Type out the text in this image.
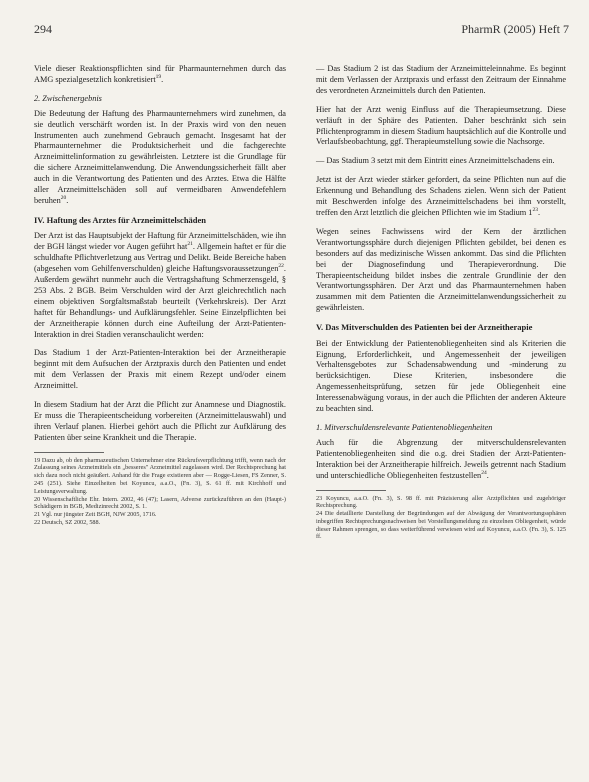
294	PharmR (2005) Heft 7

Viele dieser Reaktionspflichten sind für Pharmaunternehmen durch das AMG spezialgesetzlich konkretisiert$^{19}$.

2. Zwischenergebnis

Die Bedeutung der Haftung des Pharmaunternehmers wird zunehmen, da sie deutlich verschärft worden ist. In der Praxis wird von den neuen Instrumenten auch zunehmend Gebrauch gemacht. Insgesamt hat der Pharmaunternehmer die Produktsicherheit und die fachgerechte Arzneimittelinformation zu gewährleisten. Letztere ist die Grundlage für die sichere Arzneimittelanwendung. Die Anwendungssicherheit fällt aber auch in die Verantwortung des Patienten und des Arztes. Etwa die Hälfte aller Arzneimittelschäden soll auf vermeidbaren Anwendefehlern beruhen$^{20}$.

IV. Haftung des Arztes für Arzneimittelschäden

Der Arzt ist das Hauptsubjekt der Haftung für Arzneimittelschäden, wie ihn der BGH längst wieder vor Augen geführt hat$^{21}$. Allgemein haftet er für die schuldhafte Pflichtverletzung aus Vertrag und Delikt. Beide Bereiche haben (abgesehen vom Gehilfenverschulden) gleiche Haftungsvoraussetzungen$^{22}$. Außerdem gewährt nunmehr auch die Vertragshaftung Schmerzensgeld, § 253 Abs. 2 BGB. Beim Verschulden wird der Arzt gleichrechtlich nach einem objektiven Sorgfaltsmaßstab beurteilt (Verkehrskreis). Der Arzt haftet für Behandlungs- und Aufklärungsfehler. Seine Einzelpflichten bei der Arzneitherapie können durch eine Aufteilung der Arzt-Patienten-Interaktion in drei Stadien veranschaulicht werden:

Das Stadium 1 der Arzt-Patienten-Interaktion bei der Arzneitherapie beginnt mit dem Aufsuchen der Arztpraxis durch den Patienten und endet mit dem Verlassen der Praxis mit einem Rezept und/oder einem Arzneimittel.

In diesem Stadium hat der Arzt die Pflicht zur Anamnese und Diagnostik. Er muss die Therapieentscheidung vorbereiten (Arzneimittelauswahl) und ihren Verlauf planen. Hierbei gehört auch die Pflicht zur Aufklärung des Patienten über seine Krankheit und die Therapie.

19 Dazu ab, ob den pharmazeutischen Unternehmer eine Rückrufsverpflichtung trifft, wenn nach der Zulassung seines Arzneimittels ein „besseres" Arzneimittel zugelassen wird. Der Rechtsprechung hat sich dazu noch nicht geäußert. Anhand für die Frage existieren aber — Rogge-Liesen, FS Zenner, S. 245 (251). Siehe Einzelheiten bei Koyuncu, a.a.O., (Fn. 3), S. 61 ff. mit Kirchhoff und Leistungsverwaltung.
20 Wissenschaftliche Ehr. Intern. 2002, 46 (47); Lasern, Adverse zurückzuführen an den (Haupt-) Schädigern in BGB, Medizinrecht 2002, S. 1.
21 Vgl. nur jüngster Zeit BGH, NJW 2005, 1716.
22 Deutsch, SZ 2002, 588.

— Das Stadium 2 ist das Stadium der Arzneimitteleinnahme. Es beginnt mit dem Verlassen der Arztpraxis und erfasst den Zeitraum der Einnahme des verordneten Arzneimittels durch den Patienten.

Hier hat der Arzt wenig Einfluss auf die Therapieumsetzung. Diese verläuft in der Sphäre des Patienten. Daher beschränkt sich sein Pflichtenprogramm in diesem Stadium hauptsächlich auf die Kontrolle und Verlaufsbeobachtung, ggf. Therapieumstellung sowie die Nachsorge.

— Das Stadium 3 setzt mit dem Eintritt eines Arzneimittelschadens ein.

Jetzt ist der Arzt wieder stärker gefordert, da seine Pflichten nun auf die Erkennung und Behandlung des Schadens zielen. Wenn sich der Patient mit Beschwerden infolge des Arzneimittelschadens bei ihm vorstellt, treffen den Arzt letztlich die gleichen Pflichten wie im Stadium $1^{23}$.

Wegen seines Fachwissens wird der Kern der ärztlichen Verantwortungssphäre durch diejenigen Pflichten gebildet, bei denen es besonders auf das medizinische Wissen ankommt. Das sind die Pflichten bei der Diagnosefindung und Therapieverordnung. Die Therapieentscheidung bildet insbes die zentrale Grundlinie der den Verantwortungssphären. Der Arzt und das Pharmaunternehmen haben zusammen mit dem Patienten die Arzneimittelanwendungssicherheit zu gewährleisten.

V. Das Mitverschulden des Patienten bei der Arzneitherapie

Bei der Entwicklung der Patientenobliegenheiten sind als Kriterien die Eignung, Erforderlichkeit, und Angemessenheit der jeweiligen Verhaltensgebotes zur Schadensabwendung und -minderung zu berücksichtigen. Diese Kriterien, insbesondere die Angemessenheitsprüfung, setzen für jede Obliegenheit eine Interessenabwägung voraus, in der auch die Pflichten der anderen Akteure zu beachten sind.

1. Mitverschuldensrelevante Patientenobliegenheiten

Auch für die Abgrenzung der mitverschuldensrelevanten Patientenobliegenheiten sind die o.g. drei Stadien der Arzt-Patienten-Interaktion bei der Arzneitherapie hilfreich. Jeweils getrennt nach Stadium und unterschiedliche Obliegenheiten festzustellen$^{24}$.

23 Koyuncu, a.a.O. (Fn. 3), S. 98 ff. mit Präzisierung aller Arztpflichten und zugehöriger Rechtsprechung.
24 Die detaillierte Darstellung der Begründungen auf der Abwägung der Verantwortungssphären inbegriffen Rechtsprechungsnachweisen bei Vorstellungsmeldung zu einzelnen Obliegenheit, würde dieser Rahmen sprengen, so dass weiterführend verwiesen wird auf Koyuncu, a.a.O. (Fn. 3), S. 125 ff.
